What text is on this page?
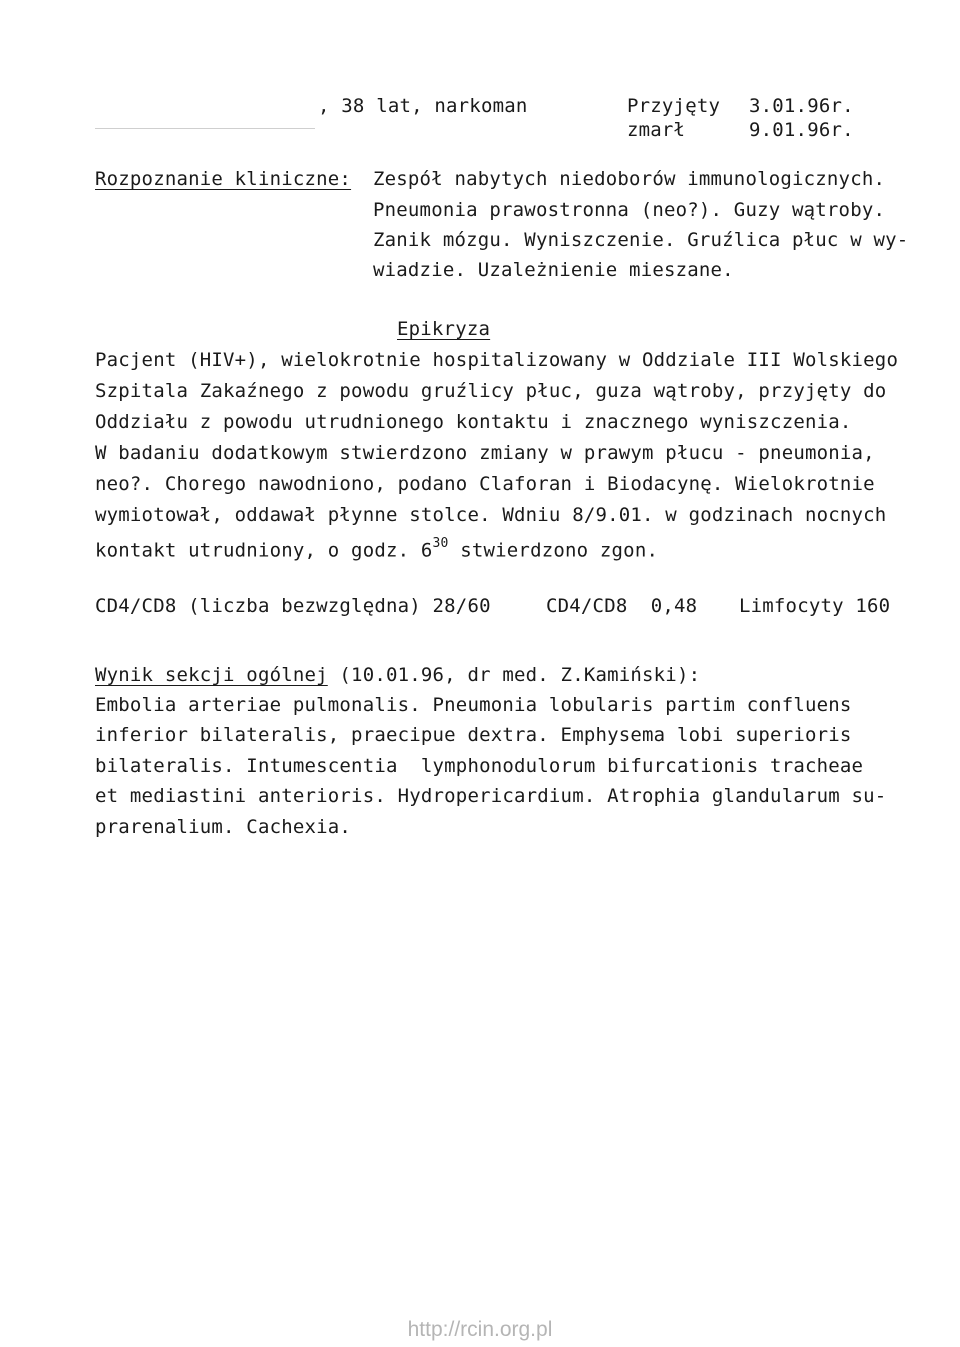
, 38 lat, narkoman	Przyjęty 3.01.96r.
zmarł	9.01.96r.
Rozpoznanie kliniczne: Zespół nabytych niedoborów immunologicznych.
Pneumonia prawostronna (neo?). Guzy wątroby.
Zanik mózgu. Wyniszczenie. Gruźlica płuc w wy-
wiadzie. Uzależnienie mieszane.
Epikryza
Pacjent (HIV+), wielokrotnie hospitalizowany w Oddziale III Wolskiego
Szpitala Zakaźnego z powodu gruźlicy płuc, guza wątroby, przyjęty do
Oddziału z powodu utrudnionego kontaktu i znacznego wyniszczenia.
W badaniu dodatkowym stwierdzono zmiany w prawym płucu - pneumonia,
neo?. Chorego nawodniono, podano Claforan i Biodacynę. Wielokrotnie
wymiotował, oddawał płynne stolce. Wdniu 8/9.01. w godzinach nocnych
kontakt utrudniony, o godz. $6^{30}$ stwierdzono zgon.
CD4/CD8 (liczba bezwzględna) 28/60	CD4/CD8  0,48 Limfocyty 160
Wynik sekcji ogólnej (10.01.96, dr med. Z.Kamiński):
Embolia arteriae pulmonalis. Pneumonia lobularis partim confluens
inferior bilateralis, praecipue dextra. Emphysema lobi superioris
bilateralis. Intumescentia  lymphonodulorum bifurcationis tracheae
et mediastini anterioris. Hydropericardium. Atrophia glandularum su-
prarenalium. Cachexia.
http://rcin.org.pl
